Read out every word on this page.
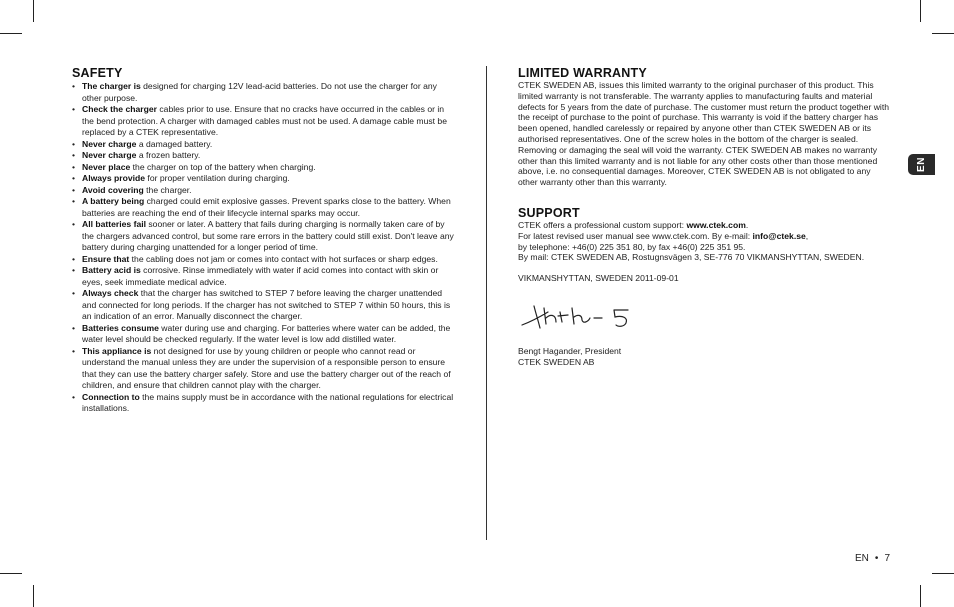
SAFETY
• The charger is designed for charging 12V lead-acid batteries. Do not use the charger for any other purpose.
• Check the charger cables prior to use. Ensure that no cracks have occurred in the cables or in the bend protection. A charger with damaged cables must not be used. A damage cable must be replaced by a CTEK representative.
• Never charge a damaged battery.
• Never charge a frozen battery.
• Never place the charger on top of the battery when charging.
• Always provide for proper ventilation during charging.
• Avoid covering the charger.
• A battery being charged could emit explosive gasses. Prevent sparks close to the battery. When batteries are reaching the end of their lifecycle internal sparks may occur.
• All batteries fail sooner or later. A battery that fails during charging is normally taken care of by the chargers advanced control, but some rare errors in the battery could still exist. Don't leave any battery during charging unattended for a longer period of time.
• Ensure that the cabling does not jam or comes into contact with hot surfaces or sharp edges.
• Battery acid is corrosive. Rinse immediately with water if acid comes into contact with skin or eyes, seek immediate medical advice.
• Always check that the charger has switched to STEP 7 before leaving the charger unattended and connected for long periods. If the charger has not switched to STEP 7 within 50 hours, this is an indication of an error. Manually disconnect the charger.
• Batteries consume water during use and charging. For batteries where water can be added, the water level should be checked regularly. If the water level is low add distilled water.
• This appliance is not designed for use by young children or people who cannot read or understand the manual unless they are under the supervision of a responsible person to ensure that they can use the battery charger safely. Store and use the battery charger out of the reach of children, and ensure that children cannot play with the charger.
• Connection to the mains supply must be in accordance with the national regulations for electrical installations.
LIMITED WARRANTY

CTEK SWEDEN AB, issues this limited warranty to the original purchaser of this product. This limited warranty is not transferable. The warranty applies to manufacturing faults and material defects for 5 years from the date of purchase. The customer must return the product together with the receipt of purchase to the point of purchase. This warranty is void if the battery charger has been opened, handled carelessly or repaired by anyone other than CTEK SWEDEN AB or its authorised representatives. One of the screw holes in the bottom of the charger is sealed. Removing or damaging the seal will void the warranty. CTEK SWEDEN AB makes no warranty other than this limited warranty and is not liable for any other costs other than those mentioned above, i.e. no consequential damages. Moreover, CTEK SWEDEN AB is not obligated to any other warranty other than this warranty.

SUPPORT

CTEK offers a professional custom support: www.ctek.com.
For latest revised user manual see www.ctek.com. By e-mail: info@ctek.se,
by telephone: +46(0) 225 351 80, by fax +46(0) 225 351 95.
By mail: CTEK SWEDEN AB, Rostugnsvägen 3, SE-776 70 VIKMANSHYTTAN, SWEDEN.

VIKMANSHYTTAN, SWEDEN 2011-09-01

Bengt Hagander, President

CTEK SWEDEN AB

EN
EN • 7
